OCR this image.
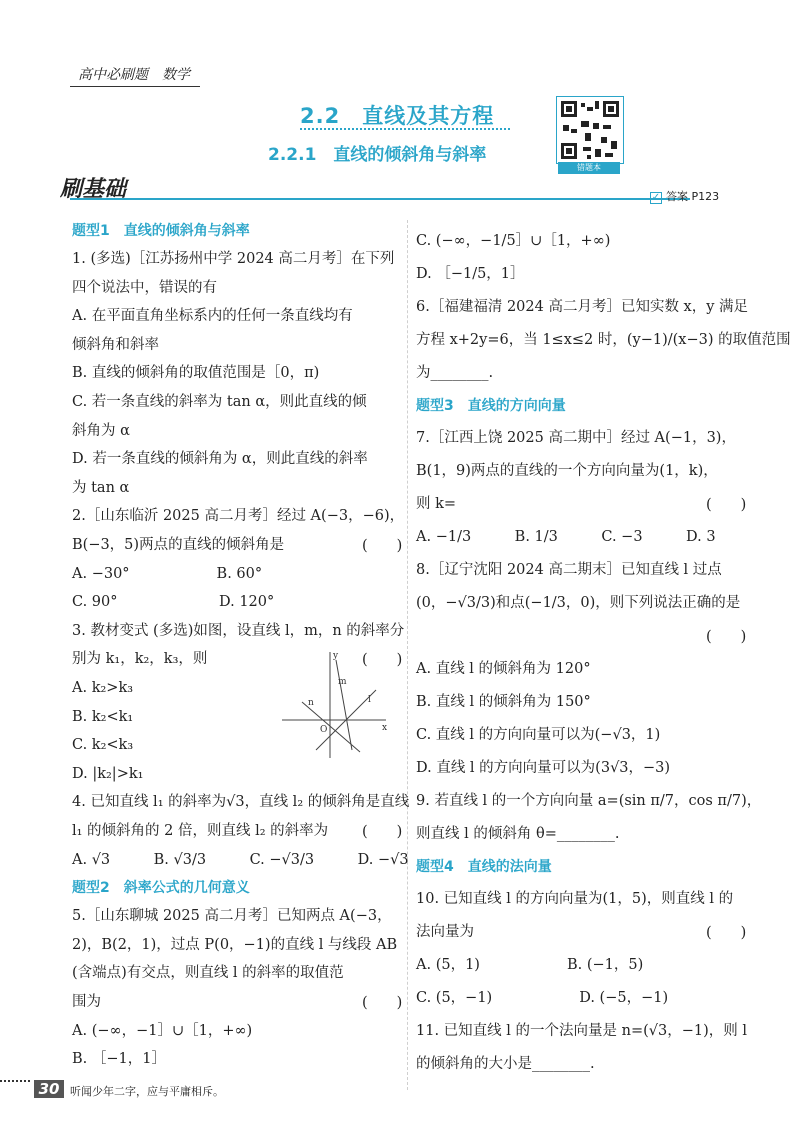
高中必刷题　数学
2.2　直线及其方程
2.2.1　直线的倾斜角与斜率
错题本
刷基础	✓ 答案 P123
题型1　直线的倾斜角与斜率
1. (多选)［江苏扬州中学 2024 高二月考］在下列
四个说法中，错误的有
A. 在平面直角坐标系内的任何一条直线均有
倾斜角和斜率
B. 直线的倾斜角的取值范围是［0，π)
C. 若一条直线的斜率为 tan α，则此直线的倾
斜角为 α
D. 若一条直线的倾斜角为 α，则此直线的斜率
为 tan α
2.［山东临沂 2025 高二月考］经过 A(−3，−6)，
B(−3，5)两点的直线的倾斜角是	(　　)
A. −30°　　　　　　B. 60°
C. 90°　　　　　　　D. 120°
3. 教材变式 (多选)如图，设直线 l，m，n 的斜率分
别为 k₁，k₂，k₃，则	(　　)
A. k₂>k₃
B. k₂<k₁
C. k₂<k₃
D. |k₂|>k₁
4. 已知直线 l₁ 的斜率为√3，直线 l₂ 的倾斜角是直线
l₁ 的倾斜角的 2 倍，则直线 l₂ 的斜率为 (　　)
A. √3　　　B. √3/3　　　C. −√3/3　　　D. −√3
题型2　斜率公式的几何意义
5.［山东聊城 2025 高二月考］已知两点 A(−3，
2)，B(2，1)，过点 P(0，−1)的直线 l 与线段 AB
(含端点)有交点，则直线 l 的斜率的取值范
围为	(　　)
A. (−∞，−1］∪［1，+∞)
B. ［−1，1］
C. (−∞，−1/5］∪［1，+∞)
D. ［−1/5，1］
6.［福建福清 2024 高二月考］已知实数 x，y 满足
方程 x+2y=6，当 1≤x≤2 时，(y−1)/(x−3) 的取值范围
为________.
题型3　直线的方向向量
7.［江西上饶 2025 高二期中］经过 A(−1，3)，
B(1，9)两点的直线的一个方向向量为(1，k)，
则 k=	(　　)
A. −1/3　　　B. 1/3　　　C. −3　　　D. 3
8.［辽宁沈阳 2024 高二期末］已知直线 l 过点
(0，−√3/3)和点(−1/3，0)，则下列说法正确的是
(　　)
A. 直线 l 的倾斜角为 120°
B. 直线 l 的倾斜角为 150°
C. 直线 l 的方向向量可以为(−√3，1)
D. 直线 l 的方向向量可以为(3√3，−3)
9. 若直线 l 的一个方向向量 a=(sin π/7，cos π/7)，
则直线 l 的倾斜角 θ=________.
题型4　直线的法向量
10. 已知直线 l 的方向向量为(1，5)，则直线 l 的
法向量为	(　　)
A. (5，1)　　　　　　B. (−1，5)
C. (5，−1)　　　　　　D. (−5，−1)
11. 已知直线 l 的一个法向量是 n=(√3，−1)，则 l
的倾斜角的大小是________.
y
x
O
m
n	l
30 听闻少年二字，应与平庸相斥。
